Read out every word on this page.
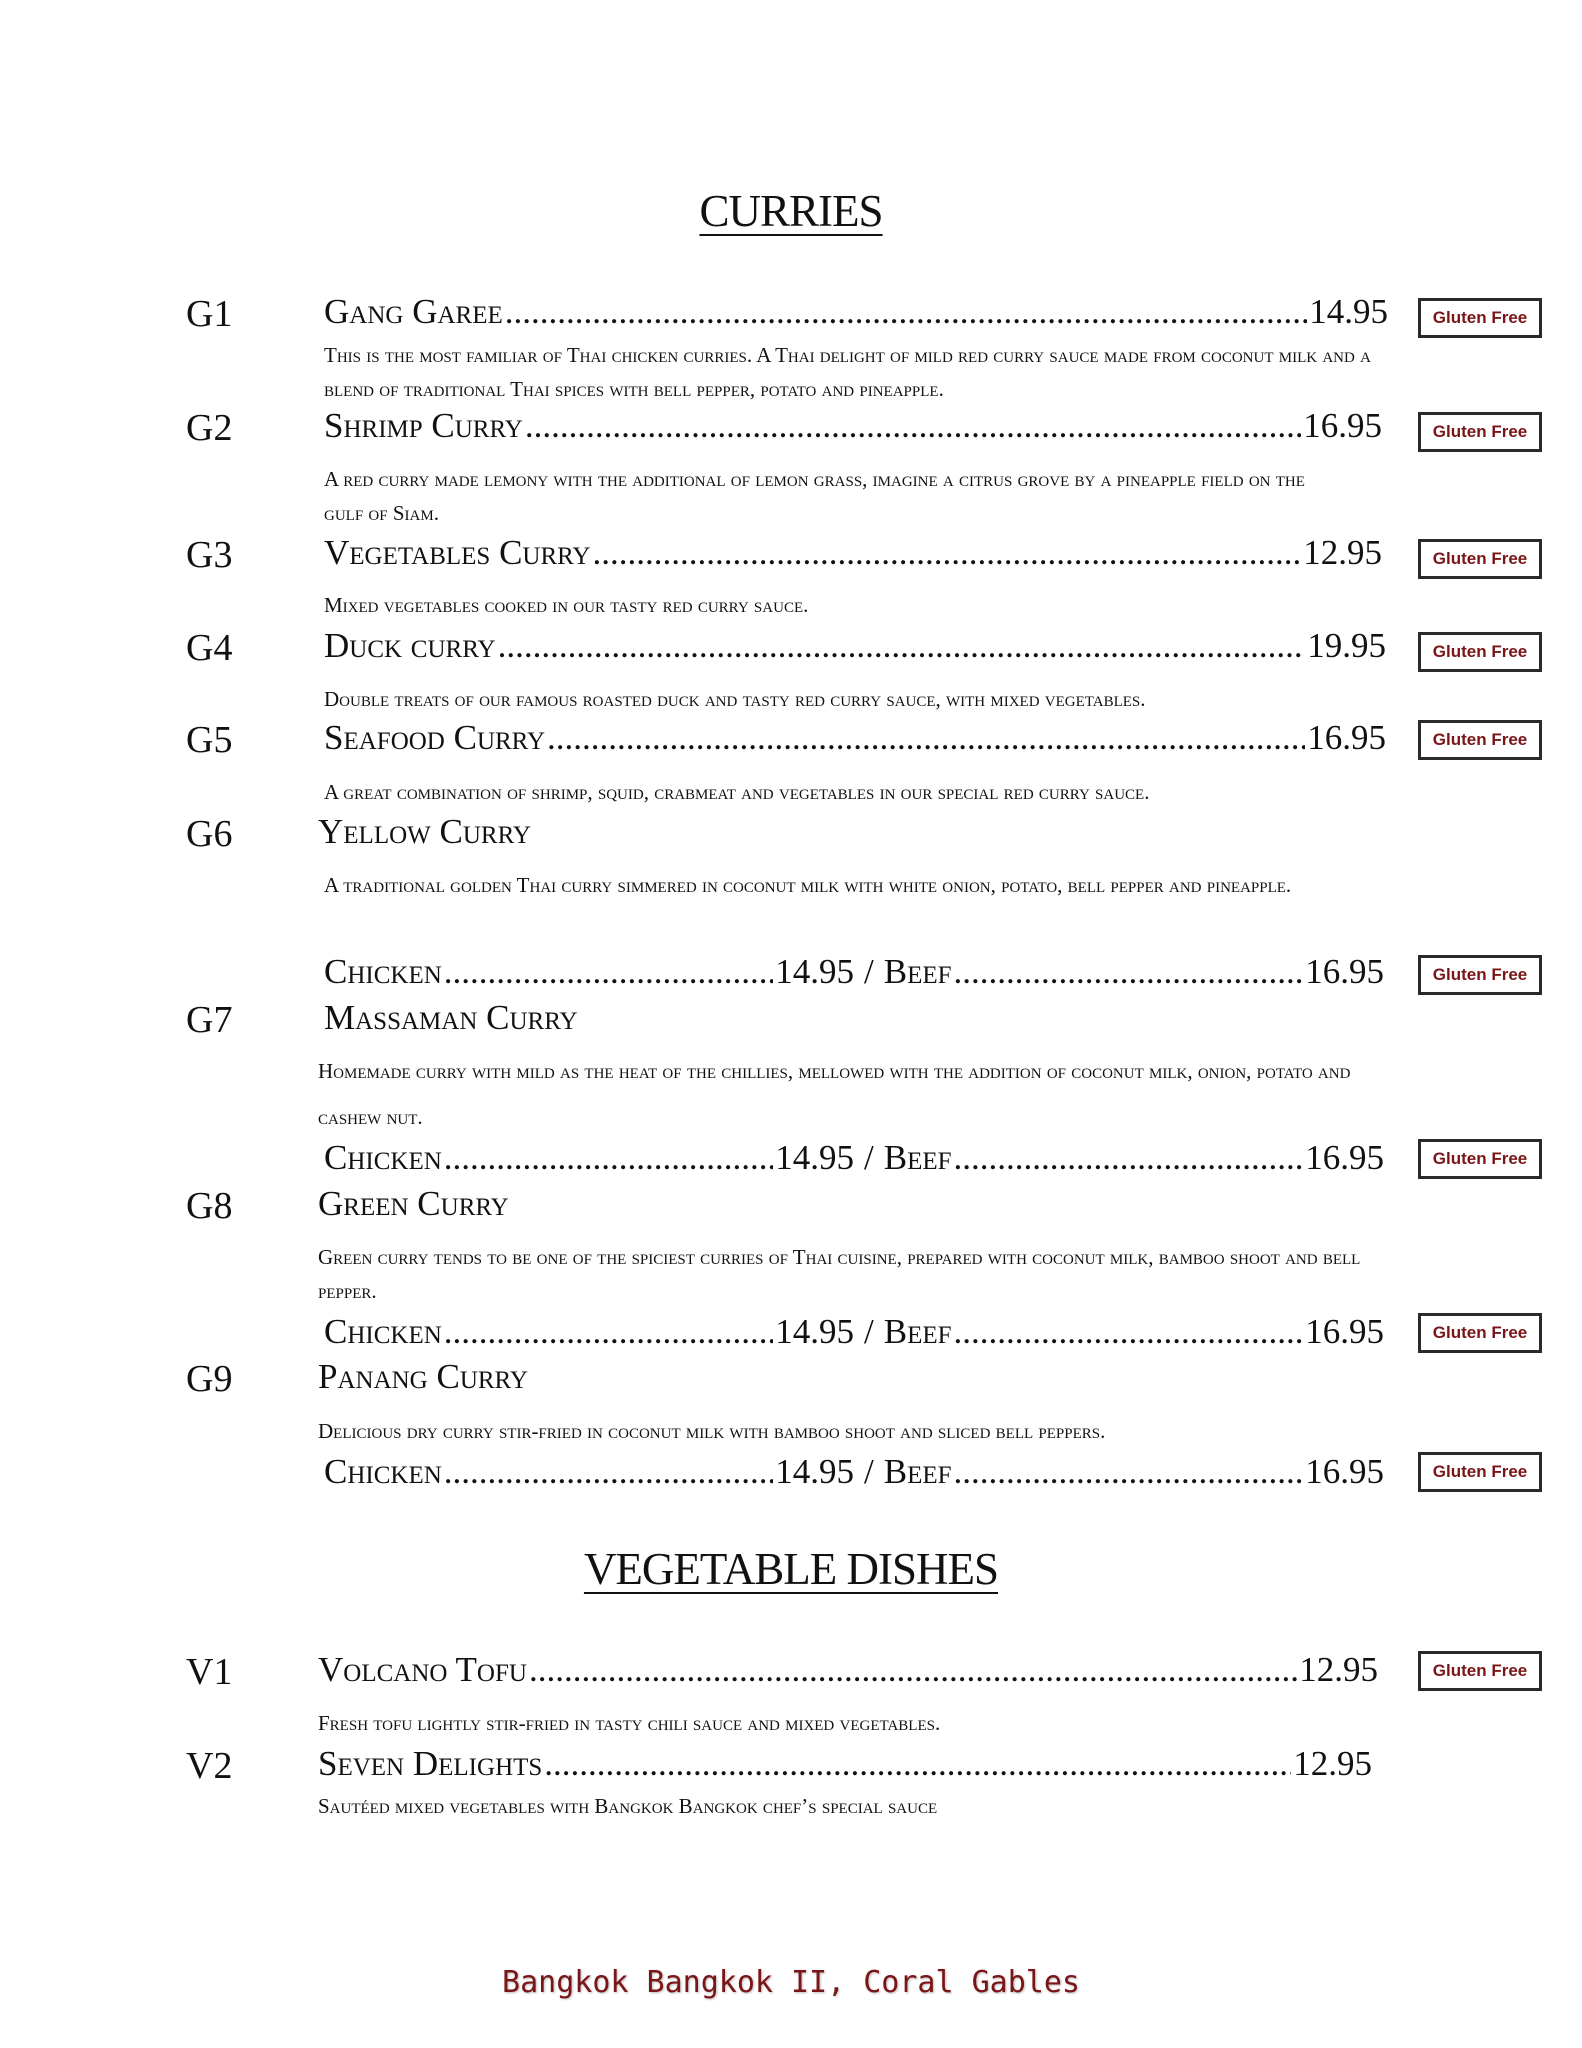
CURRIES
G1	Gang Garee .....	14.95	Gluten Free
This is the most familiar of Thai chicken curries. A Thai delight of mild red curry sauce made from coconut milk and a blend of traditional Thai spices with bell pepper, potato and pineapple.
G2	Shrimp Curry .....	16.95	Gluten Free
A red curry made lemony with the additional of lemon grass, imagine a citrus grove by a pineapple field on the gulf of Siam.
G3	Vegetables Curry .....	12.95	Gluten Free
Mixed vegetables cooked in our tasty red curry sauce.
G4	Duck curry .....	19.95	Gluten Free
Double treats of our famous roasted duck and tasty red curry sauce, with mixed vegetables.
G5	Seafood Curry .....	16.95	Gluten Free
A great combination of shrimp, squid, crabmeat and vegetables in our special red curry sauce.
G6 Yellow Curry
A traditional golden Thai curry simmered in coconut milk with white onion, potato, bell pepper and pineapple.
Chicken .....	14.95 / Beef .....	16.95	Gluten Free
G7	Massaman Curry
Homemade curry with mild as the heat of the chillies, mellowed with the addition of coconut milk, onion, potato and cashew nut.
Chicken .....	14.95 / Beef .....	16.95	Gluten Free
G8 Green Curry
Green curry tends to be one of the spiciest curries of Thai cuisine, prepared with coconut milk, bamboo shoot and bell pepper.
Chicken .....	14.95 / Beef .....	16.95	Gluten Free
G9 Panang Curry
Delicious dry curry stir-fried in coconut milk with bamboo shoot and sliced bell peppers.
Chicken .....	14.95 / Beef .....	16.95	Gluten Free
VEGETABLE DISHES
V1 Volcano Tofu .....	12.95	Gluten Free
Fresh tofu lightly stir-fried in tasty chili sauce and mixed vegetables.
V2 Seven Delights .....	12.95
Sautéed mixed vegetables with Bangkok Bangkok chef’s special sauce
Bangkok Bangkok II, Coral Gables
